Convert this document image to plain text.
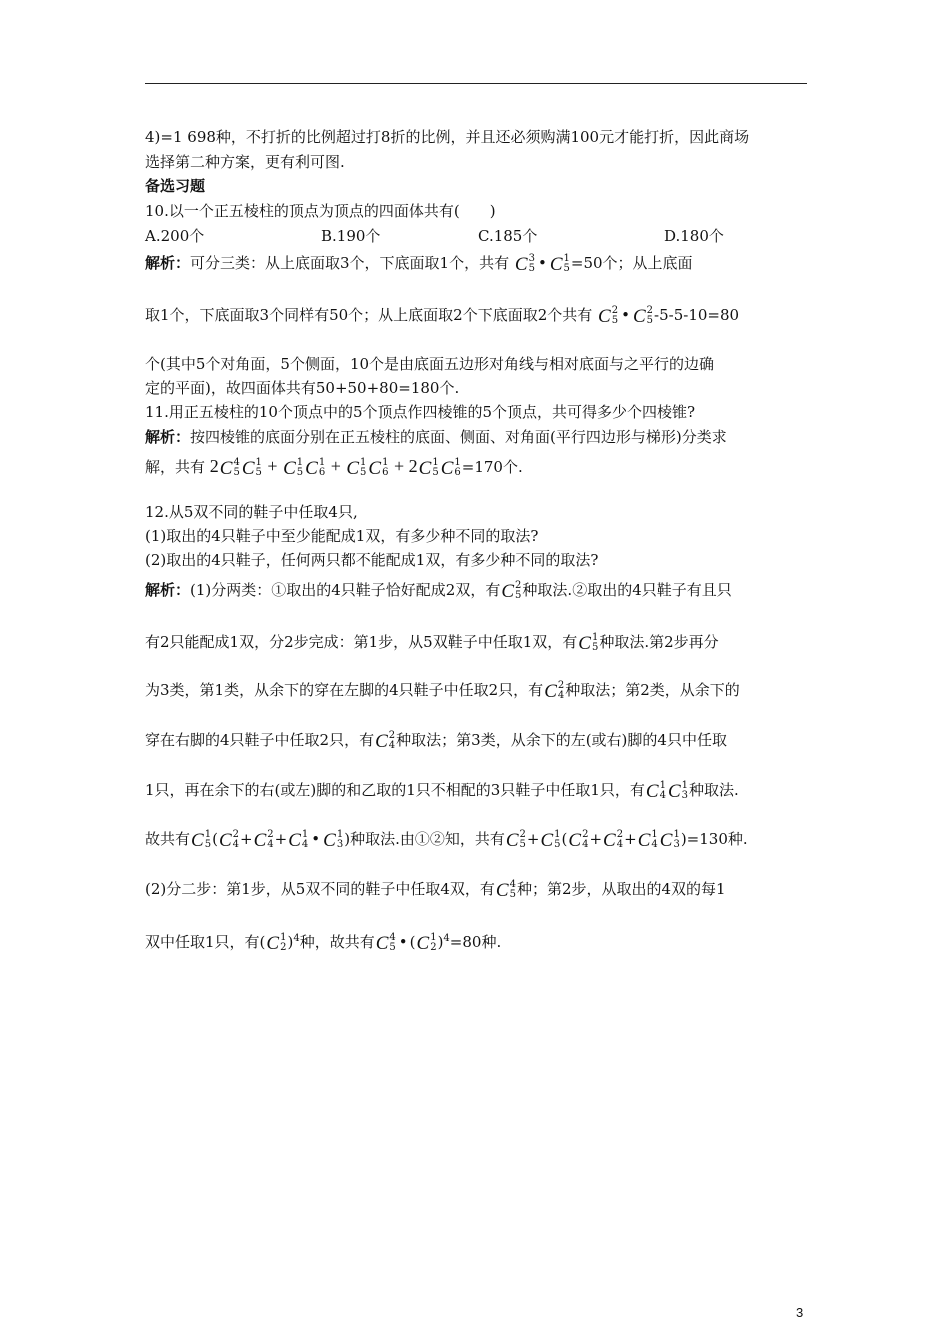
4)=1 698种，不打折的比例超过打8折的比例，并且还必须购满100元才能打折，因此商场
选择第二种方案，更有利可图.
备选习题
10.以一个正五棱柱的顶点为顶点的四面体共有(　　)
A.200个	B.190个	C.185个	D.180个
解析：可分三类：从上底面取3个，下底面取1个，共有 C 3
5 • C 1
5 =50个；从上底面
取1个，下底面取3个同样有50个；从上底面取2个下底面取2个共有 C 2
5 • C 2
5 -5-5-10=80
个(其中5个对角面，5个侧面，10个是由底面五边形对角线与相对底面与之平行的边确
定的平面)，故四面体共有50+50+80=180个.
11.用正五棱柱的10个顶点中的5个顶点作四棱锥的5个顶点，共可得多少个四棱锥?
解析：按四棱锥的底面分别在正五棱柱的底面、侧面、对角面(平行四边形与梯形)分类求
解，共有 2 C 4
5 C 1
5 + C 1
5 C 1
6 + C 1
5 C 1
6 + 2 C 1
5 C 1
6 =170个.
12.从5双不同的鞋子中任取4只,
(1)取出的4只鞋子中至少能配成1双，有多少种不同的取法?
(2)取出的4只鞋子，任何两只都不能配成1双，有多少种不同的取法?
解析：(1)分两类：①取出的4只鞋子恰好配成2双，有 C 2
5 种取法.②取出的4只鞋子有且只
有2只能配成1双，分2步完成：第1步，从5双鞋子中任取1双，有 C 1
5 种取法.第2步再分
为3类，第1类，从余下的穿在左脚的4只鞋子中任取2只，有 C 2
4 种取法；第2类，从余下的
穿在右脚的4只鞋子中任取2只，有 C 2
4 种取法；第3类，从余下的左(或右)脚的4只中任取
1只，再在余下的右(或左)脚的和乙取的1只不相配的3只鞋子中任取1只，有 C 1
4 C 1
3 种取法.
故共有 C 1
5 ( C 2
4 + C 2
4 + C 1
4 • C 1
3 )种取法.由①②知，共有 C 2
5 + C 1
5 ( C 2
4 + C 2
4 + C 1
4 C 1
3 )=130种.
(2)分二步：第1步，从5双不同的鞋子中任取4双，有 C 4
5 种；第2步，从取出的4双的每1
双中任取1只，有( C 1
2 )$^4$种，故共有 C 4
5 • ( C 1
2 )$^4$=80种.
3
